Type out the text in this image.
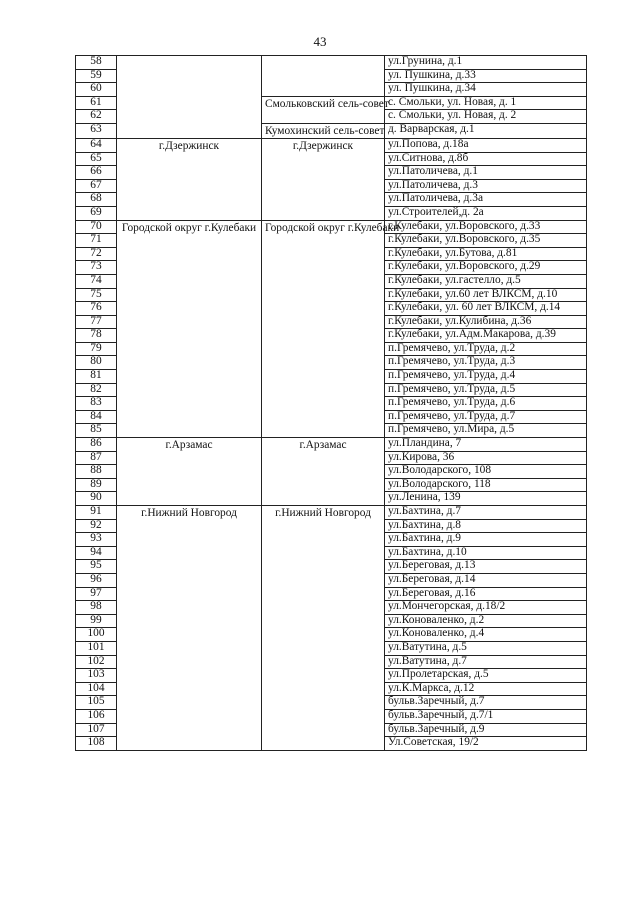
43
58			ул.Грунина, д.1
59			ул. Пушкина, д.33
60			ул. Пушкина, д.34
61		Смольковский сель-совет	с. Смольки, ул. Новая, д. 1
62			с. Смольки, ул. Новая, д. 2
63		Кумохинский сель-совет	д. Варварская, д.1
64	г.Дзержинск	г.Дзержинск	ул.Попова, д.18а
65			ул.Ситнова, д.8б
66			ул.Патоличева, д.1
67			ул.Патоличева, д.3
68			ул.Патоличева, д.3а
69			ул.Строителей,д. 2а
70	Городской округ г.Кулебаки	Городской округ г.Кулебаки	г.Кулебаки, ул.Воровского, д.33
71			г.Кулебаки, ул.Воровского, д.35
72			г.Кулебаки, ул.Бутова, д.81
73			г.Кулебаки, ул.Воровского, д.29
74			г.Кулебаки, ул.гастелло, д.5
75			г.Кулебаки, ул.60 лет ВЛКСМ, д.10
76			г.Кулебаки, ул. 60 лет ВЛКСМ, д.14
77			г.Кулебаки, ул.Кулибина, д.36
78			г.Кулебаки, ул.Адм.Макарова, д.39
79			п.Гремячево, ул.Труда, д.2
80			п.Гремячево, ул.Труда, д.3
81			п.Гремячево, ул.Труда, д.4
82			п.Гремячево, ул.Труда, д.5
83			п.Гремячево, ул.Труда, д.6
84			п.Гремячево, ул.Труда, д.7
85			п.Гремячево, ул.Мира, д.5
86	г.Арзамас	г.Арзамас	ул.Пландина, 7
87			ул.Кирова, 36
88			ул.Володарского, 108
89			ул.Володарского, 118
90			ул.Ленина, 139
91	г.Нижний Новгород	г.Нижний Новгород	ул.Бахтина, д.7
92			ул.Бахтина, д.8
93			ул.Бахтина, д.9
94			ул.Бахтина, д.10
95			ул.Береговая, д.13
96			ул.Береговая, д.14
97			ул.Береговая, д.16
98			ул.Мончегорская, д.18/2
99			ул.Коноваленко, д.2
100			ул.Коноваленко, д.4
101			ул.Ватутина, д.5
102			ул.Ватутина, д.7
103			ул.Пролетарская, д.5
104			ул.К.Маркса, д.12
105			бульв.Заречный, д.7
106			бульв.Заречный, д.7/1
107			бульв.Заречный, д.9
108			Ул.Советская, 19/2
